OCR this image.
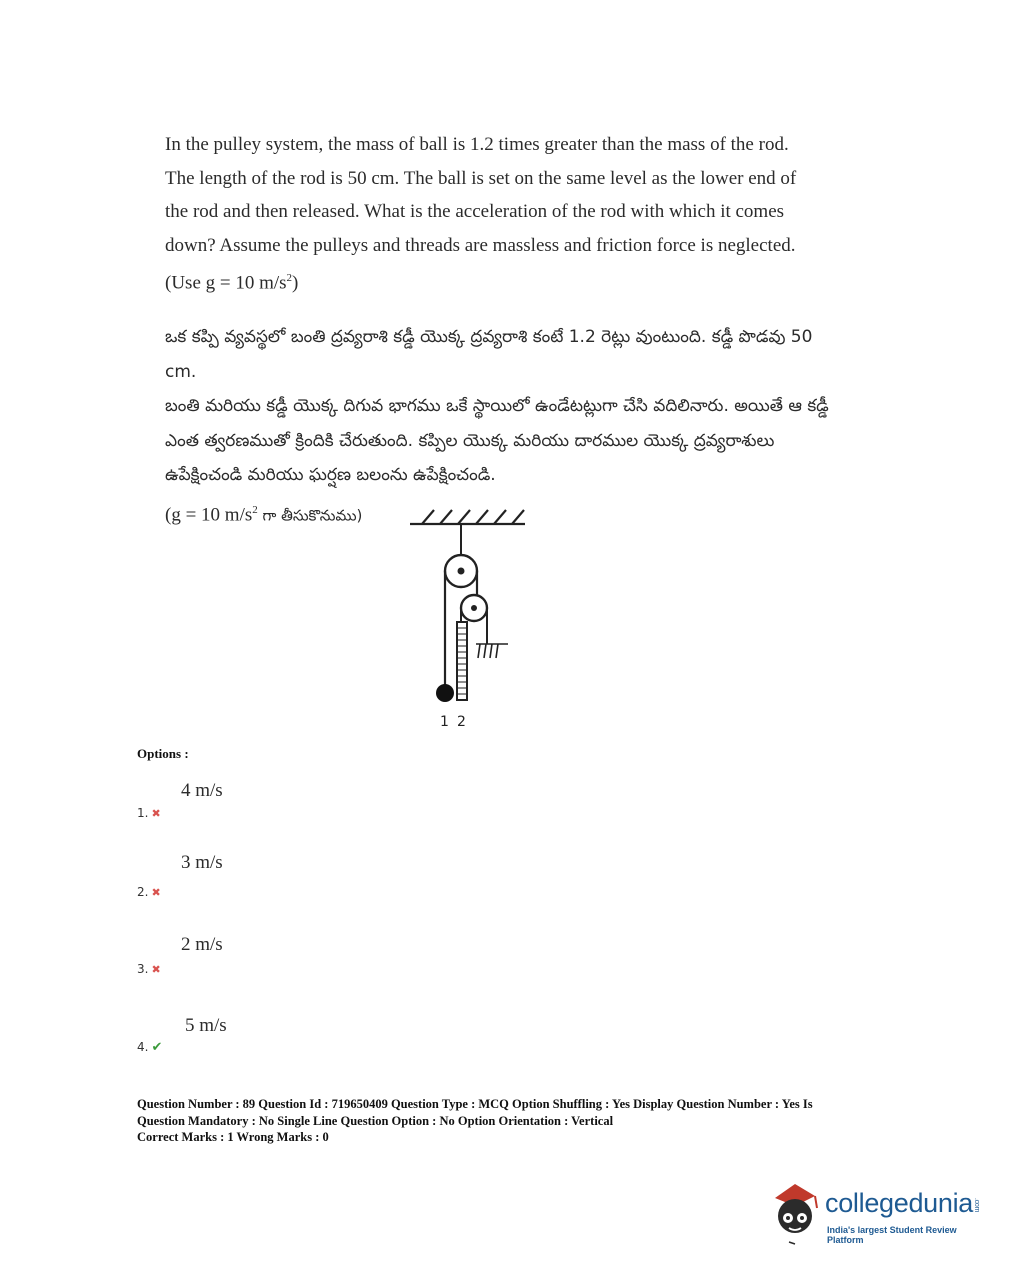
In the pulley system, the mass of ball is 1.2 times greater than the mass of the rod.

The length of the rod is 50 cm. The ball is set on the same level as the lower end of

the rod and then released. What is the acceleration of the rod with which it comes

down? Assume the pulleys and threads are massless and friction force is neglected.

(Use g = 10 $m/s^2$)

ఒక కప్పి వ్యవస్థలో బంతి ద్రవ్యరాశి కడ్డీ యొక్క ద్రవ్యరాశి కంటే 1.2 రెట్లు వుంటుంది. కడ్డీ పొడవు 50 cm.

బంతి మరియు కడ్డీ యొక్క దిగువ భాగము ఒకే స్థాయిలో ఉండేటట్లుగా చేసి వదిలినారు. అయితే ఆ కడ్డీ

ఎంత త్వరణముతో క్రిందికి చేరుతుంది. కప్పిల యొక్క మరియు దారముల యొక్క ద్రవ్యరాశులు

ఉపేక్షించండి మరియు ఘర్షణ బలంను ఉపేక్షించండి.

(g = 10 $m/s^2$ గా తీసుకొనుము)

1 2
Options :
4 m/s
1. ✖
3 m/s
2. ✖
2 m/s
3. ✖
5 m/s
4. ✔

Question Number : 89 Question Id : 719650409 Question Type : MCQ Option Shuffling : Yes Display Question Number : Yes Is

Question Mandatory : No Single Line Question Option : No Option Orientation : Vertical

Correct Marks : 1 Wrong Marks : 0

collegedunia.com
India's largest Student Review Platform
